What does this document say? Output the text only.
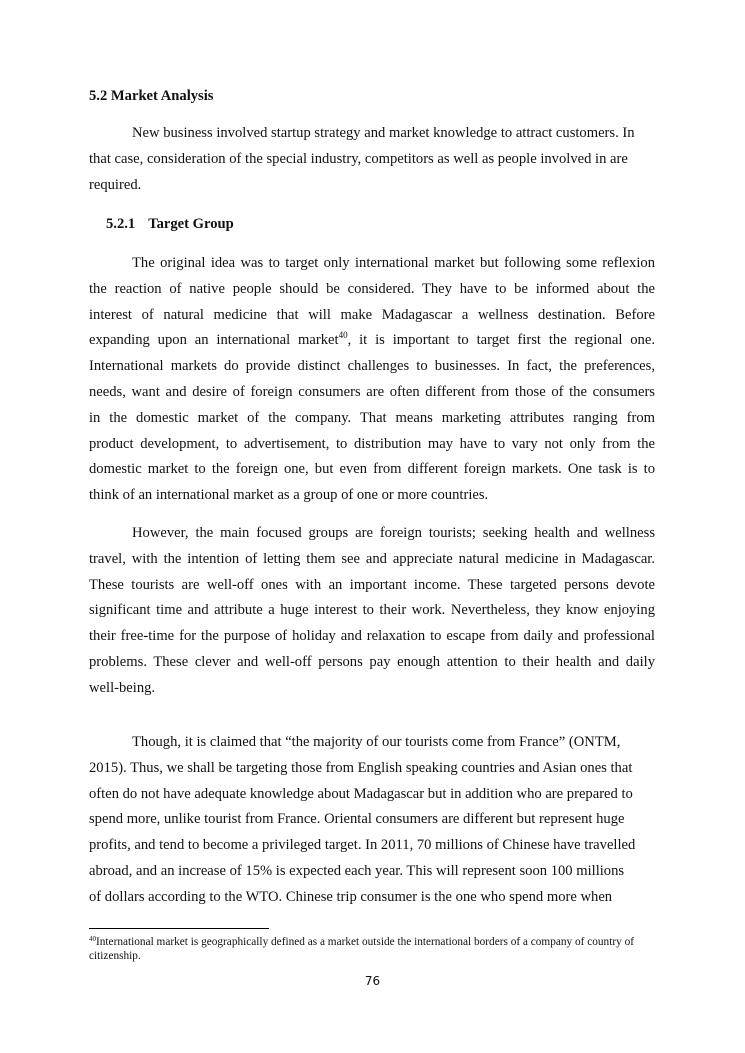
5.2 Market Analysis
New business involved startup strategy and market knowledge to attract customers. In
that case, consideration of the special industry, competitors as well as people involved in are
required.
5.2.1 Target Group
The original idea was to target only international market but following some reflexion
the reaction of native people should be considered. They have to be informed about the
interest of natural medicine that will make Madagascar a wellness destination. Before
expanding upon an international market$^{40}$, it is important to target first the regional one.
International markets do provide distinct challenges to businesses. In fact, the preferences,
needs, want and desire of foreign consumers are often different from those of the consumers
in the domestic market of the company. That means marketing attributes ranging from
product development, to advertisement, to distribution may have to vary not only from the
domestic market to the foreign one, but even from different foreign markets. One task is to
think of an international market as a group of one or more countries.
However, the main focused groups are foreign tourists; seeking health and wellness
travel, with the intention of letting them see and appreciate natural medicine in Madagascar.
These tourists are well-off ones with an important income. These targeted persons devote
significant time and attribute a huge interest to their work. Nevertheless, they know enjoying
their free-time for the purpose of holiday and relaxation to escape from daily and professional
problems. These clever and well-off persons pay enough attention to their health and daily
well-being.
Though, it is claimed that “the majority of our tourists come from France” (ONTM,
2015). Thus, we shall be targeting those from English speaking countries and Asian ones that
often do not have adequate knowledge about Madagascar but in addition who are prepared to
spend more, unlike tourist from France. Oriental consumers are different but represent huge
profits, and tend to become a privileged target. In 2011, 70 millions of Chinese have travelled
abroad, and an increase of 15% is expected each year. This will represent soon 100 millions
of dollars according to the WTO. Chinese trip consumer is the one who spend more when
$^{40}$International market is geographically defined as a market outside the international borders of a company of country of citizenship.
76
